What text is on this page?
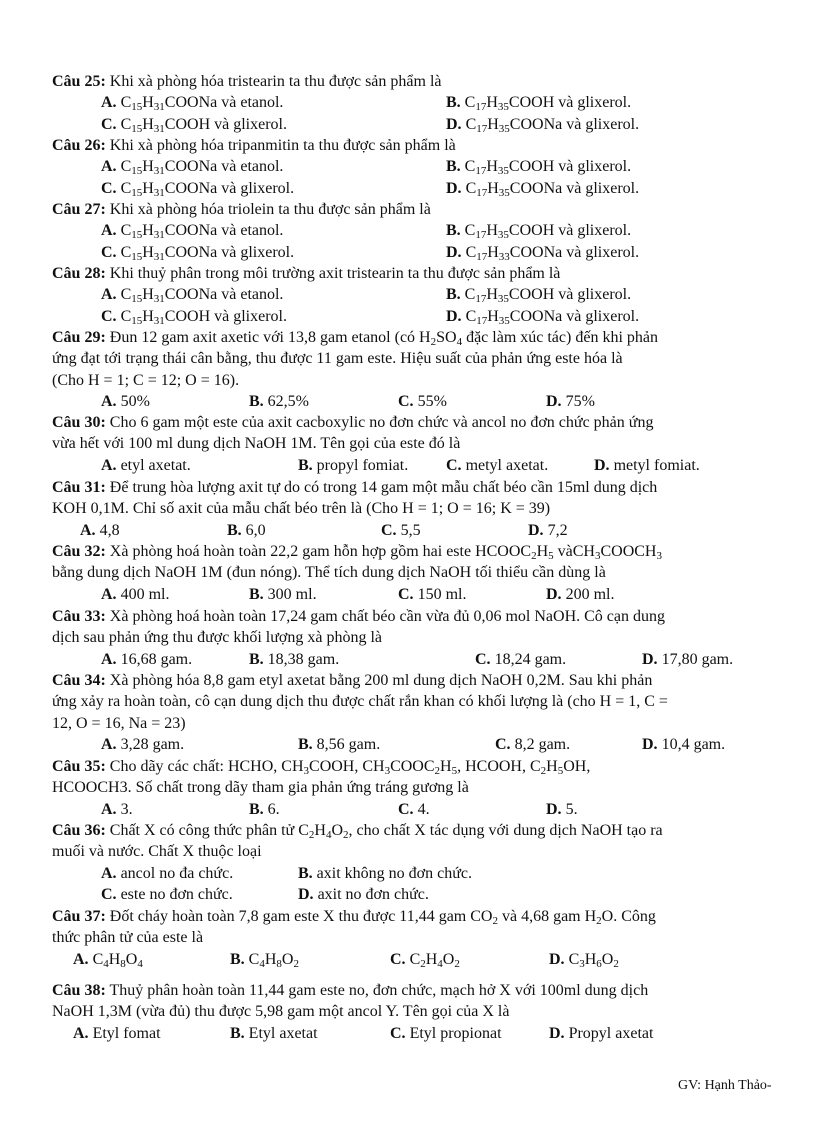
Câu 25: Khi xà phòng hóa tristearin ta thu được sản phẩm là
A. $C_{15}H_{31}COONa$ và etanol.	B. $C_{17}H_{35}COOH$ và glixerol.
C. $C_{15}H_{31}COOH$ và glixerol.	D. $C_{17}H_{35}COONa$ và glixerol.
Câu 26: Khi xà phòng hóa tripanmitin ta thu được sản phẩm là
A. $C_{15}H_{31}COONa$ và etanol.	B. $C_{17}H_{35}COOH$ và glixerol.
C. $C_{15}H_{31}COONa$ và glixerol.	D. $C_{17}H_{35}COONa$ và glixerol.
Câu 27: Khi xà phòng hóa triolein ta thu được sản phẩm là
A. $C_{15}H_{31}COONa$ và etanol.	B. $C_{17}H_{35}COOH$ và glixerol.
C. $C_{15}H_{31}COONa$ và glixerol.	D. $C_{17}H_{33}COONa$ và glixerol.
Câu 28: Khi thuỷ phân trong môi trường axit tristearin ta thu được sản phẩm là
A. $C_{15}H_{31}COONa$ và etanol.	B. $C_{17}H_{35}COOH$ và glixerol.
C. $C_{15}H_{31}COOH$ và glixerol.	D. $C_{17}H_{35}COONa$ và glixerol.
Câu 29: Đun 12 gam axit axetic với 13,8 gam etanol (có $H_2SO_4$ đặc làm xúc tác) đến khi phản
ứng đạt tới trạng thái cân bằng, thu được 11 gam este. Hiệu suất của phản ứng este hóa là
(Cho H = 1; C = 12; O = 16).
A. 50%	B. 62,5%	C. 55%	D. 75%
Câu 30: Cho 6 gam một este của axit cacboxylic no đơn chức và ancol no đơn chức phản ứng
vừa hết với 100 ml dung dịch NaOH 1M. Tên gọi của este đó là
A. etyl axetat.	B. propyl fomiat. C. metyl axetat.	D. metyl fomiat.
Câu 31: Để trung hòa lượng axit tự do có trong 14 gam một mẫu chất béo cần 15ml dung dịch
KOH 0,1M. Chỉ số axit của mẫu chất béo trên là (Cho H = 1; O = 16; K = 39)
A. 4,8	B. 6,0	C. 5,5	D. 7,2
Câu 32: Xà phòng hoá hoàn toàn 22,2 gam hỗn hợp gồm hai este $HCOOC_2H_5$ $vàCH_3COOCH_3$
bằng dung dịch NaOH 1M (đun nóng). Thể tích dung dịch NaOH tối thiểu cần dùng là
A. 400 ml.	B. 300 ml.	C. 150 ml.	D. 200 ml.
Câu 33: Xà phòng hoá hoàn toàn 17,24 gam chất béo cần vừa đủ 0,06 mol NaOH. Cô cạn dung
dịch sau phản ứng thu được khối lượng xà phòng là
A. 16,68 gam.	B. 18,38 gam.	C. 18,24 gam.	D. 17,80 gam.
Câu 34: Xà phòng hóa 8,8 gam etyl axetat bằng 200 ml dung dịch NaOH 0,2M. Sau khi phản
ứng xảy ra hoàn toàn, cô cạn dung dịch thu được chất rắn khan có khối lượng là (cho H = 1, C =
12, O = 16, Na = 23)
A. 3,28 gam.	B. 8,56 gam.	C. 8,2 gam.	D. 10,4 gam.
Câu 35: Cho dãy các chất: HCHO, $CH_3COOH$, $CH_3COOC_2H_5$, HCOOH, $C_2H_5OH$,
HCOOCH3. Số chất trong dãy tham gia phản ứng tráng gương là
A. 3.	B. 6.	C. 4.	D. 5.
Câu 36: Chất X có công thức phân tử $C_2H_4O_2$, cho chất X tác dụng với dung dịch NaOH tạo ra
muối và nước. Chất X thuộc loại
A. ancol no đa chức.	B. axit không no đơn chức.
C. este no đơn chức.	D. axit no đơn chức.
Câu 37: Đốt cháy hoàn toàn 7,8 gam este X thu được 11,44 gam $CO_2$ và 4,68 gam $H_2O$. Công
thức phân tử của este là
A. $C_4H_8O_4$	B. $C_4H_8O_2$	C. $C_2H_4O_2$	D. $C_3H_6O_2$
Câu 38: Thuỷ phân hoàn toàn 11,44 gam este no, đơn chức, mạch hở X với 100ml dung dịch
NaOH 1,3M (vừa đủ) thu được 5,98 gam một ancol Y. Tên gọi của X là
A. Etyl fomat	B. Etyl axetat	C. Etyl propionat	D. Propyl axetat
GV: Hạnh Thảo-
